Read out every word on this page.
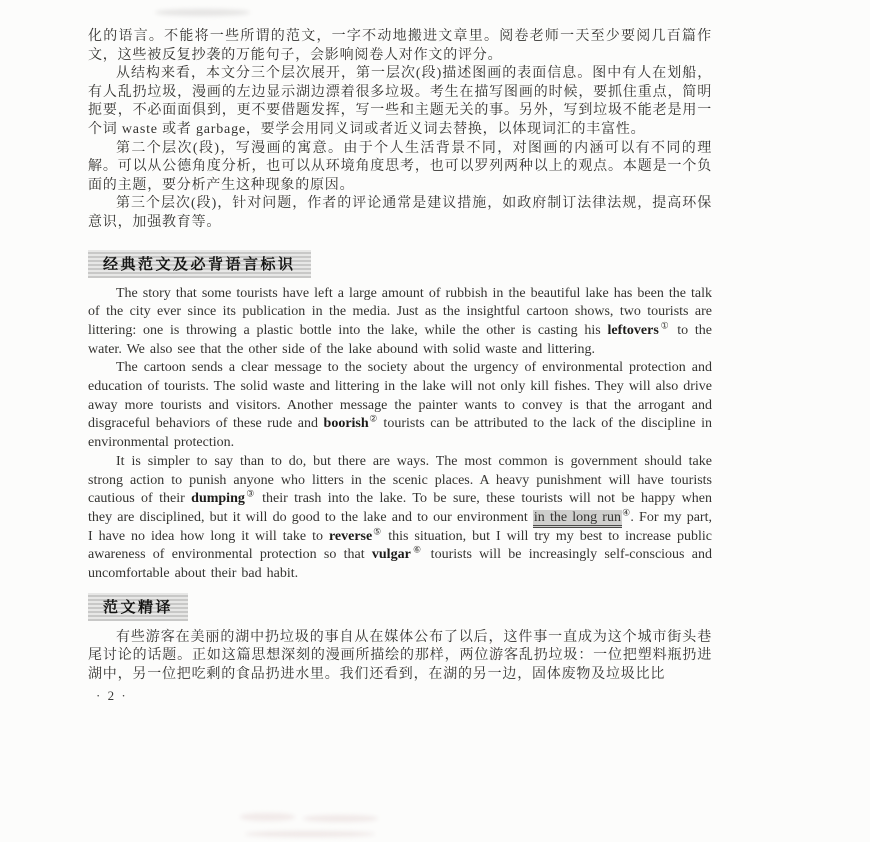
化的语言。不能将一些所谓的范文，一字不动地搬进文章里。阅卷老师一天至少要阅几百篇作文，这些被反复抄袭的万能句子，会影响阅卷人对作文的评分。

从结构来看，本文分三个层次展开，第一层次(段)描述图画的表面信息。图中有人在划船，有人乱扔垃圾，漫画的左边显示湖边漂着很多垃圾。考生在描写图画的时候，要抓住重点，简明扼要，不必面面俱到，更不要借题发挥，写一些和主题无关的事。另外，写到垃圾不能老是用一个词 waste 或者 garbage，要学会用同义词或者近义词去替换，以体现词汇的丰富性。

第二个层次(段)，写漫画的寓意。由于个人生活背景不同，对图画的内涵可以有不同的理解。可以从公德角度分析，也可以从环境角度思考，也可以罗列两种以上的观点。本题是一个负面的主题，要分析产生这种现象的原因。

第三个层次(段)，针对问题，作者的评论通常是建议措施，如政府制订法律法规，提高环保意识，加强教育等。

经典范文及必背语言标识

The story that some tourists have left a large amount of rubbish in the beautiful lake has been the talk of the city ever since its publication in the media. Just as the insightful cartoon shows, two tourists are littering: one is throwing a plastic bottle into the lake, while the other is casting his leftovers① to the water. We also see that the other side of the lake abound with solid waste and littering.

The cartoon sends a clear message to the society about the urgency of environmental protection and education of tourists. The solid waste and littering in the lake will not only kill fishes. They will also drive away more tourists and visitors. Another message the painter wants to convey is that the arrogant and disgraceful behaviors of these rude and boorish② tourists can be attributed to the lack of the discipline in environmental protection.

It is simpler to say than to do, but there are ways. The most common is government should take strong action to punish anyone who litters in the scenic places. A heavy punishment will have tourists cautious of their dumping③ their trash into the lake. To be sure, these tourists will not be happy when they are disciplined, but it will do good to the lake and to our environment in the long run④. For my part, I have no idea how long it will take to reverse⑤ this situation, but I will try my best to increase public awareness of environmental protection so that vulgar⑥ tourists will be increasingly self-conscious and uncomfortable about their bad habit.

范文精译

有些游客在美丽的湖中扔垃圾的事自从在媒体公布了以后，这件事一直成为这个城市街头巷尾讨论的话题。正如这篇思想深刻的漫画所描绘的那样，两位游客乱扔垃圾：一位把塑料瓶扔进湖中，另一位把吃剩的食品扔进水里。我们还看到，在湖的另一边，固体废物及垃圾比比

· 2 ·
